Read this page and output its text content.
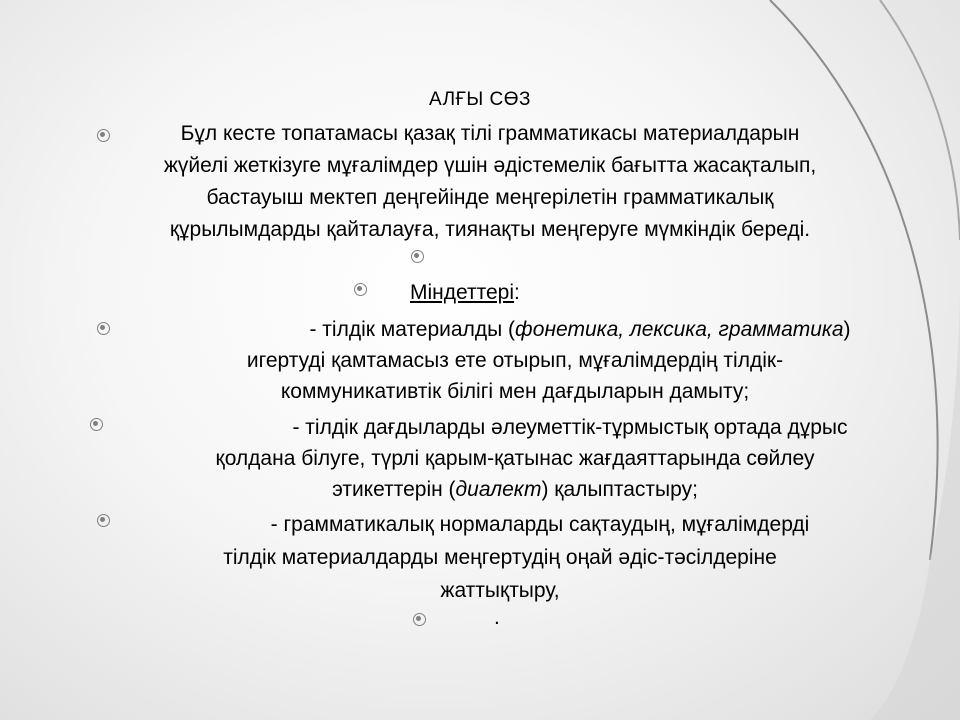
АЛҒЫ СӨЗ
Бұл кесте топатамасы қазақ тілі грамматикасы материалдарын
жүйелі жеткізуге мұғалімдер үшін әдістемелік бағытта жасақталып,
бастауыш мектеп деңгейінде меңгерілетін грамматикалық
құрылымдарды қайталауға, тиянақты меңгеруге мүмкіндік береді.
Міндеттері:
- тілдік материалды (фонетика, лексика, грамматика)
игертуді қамтамасыз ете отырып, мұғалімдердің тілдік-
коммуникативтік білігі мен дағдыларын дамыту;
- тілдік дағдыларды әлеуметтік-тұрмыстық ортада дұрыс
қолдана білуге, түрлі қарым-қатынас жағдаяттарында сөйлеу
этикеттерін (диалект) қалыптастыру;
- грамматикалық нормаларды сақтаудың, мұғалімдерді
тілдік материалдарды меңгертудің оңай әдіс-тәсілдеріне
жаттықтыру,
.
